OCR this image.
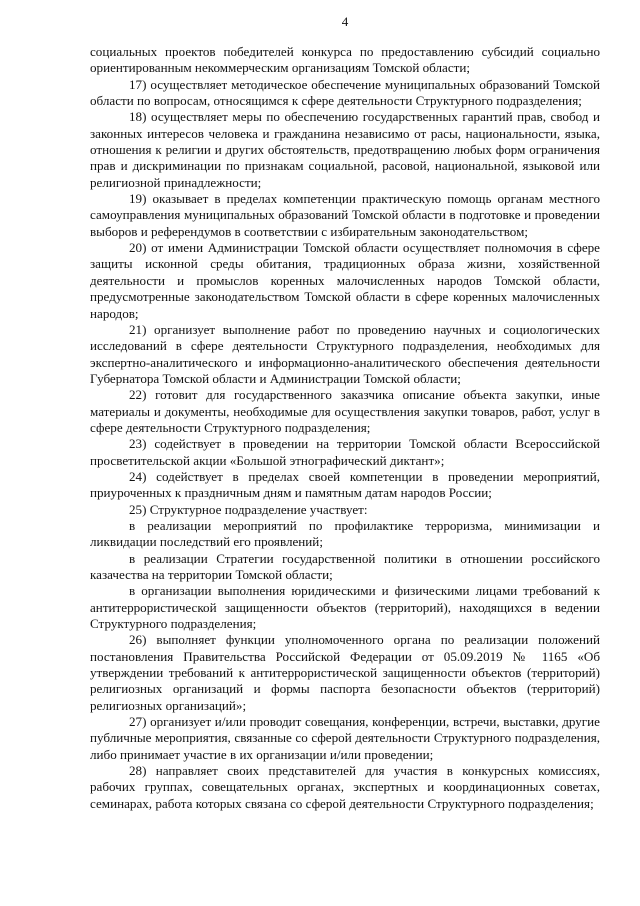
4

социальных проектов победителей конкурса по предоставлению субсидий социально ориентированным некоммерческим организациям Томской области;

17) осуществляет методическое обеспечение муниципальных образований Томской области по вопросам, относящимся к сфере деятельности Структурного подразделения;

18) осуществляет меры по обеспечению государственных гарантий прав, свобод и законных интересов человека и гражданина независимо от расы, национальности, языка, отношения к религии и других обстоятельств, предотвращению любых форм ограничения прав и дискриминации по признакам социальной, расовой, национальной, языковой или религиозной принадлежности;

19) оказывает в пределах компетенции практическую помощь органам местного самоуправления муниципальных образований Томской области в подготовке и проведении выборов и референдумов в соответствии с избирательным законодательством;

20) от имени Администрации Томской области осуществляет полномочия в сфере защиты исконной среды обитания, традиционных образа жизни, хозяйственной деятельности и промыслов коренных малочисленных народов Томской области, предусмотренные законодательством Томской области в сфере коренных малочисленных народов;

21) организует выполнение работ по проведению научных и социологических исследований в сфере деятельности Структурного подразделения, необходимых для экспертно-аналитического и информационно-аналитического обеспечения деятельности Губернатора Томской области и Администрации Томской области;

22) готовит для государственного заказчика описание объекта закупки, иные материалы и документы, необходимые для осуществления закупки товаров, работ, услуг в сфере деятельности Структурного подразделения;

23) содействует в проведении на территории Томской области Всероссийской просветительской акции «Большой этнографический диктант»;

24) содействует в пределах своей компетенции в проведении мероприятий, приуроченных к праздничным дням и памятным датам народов России;

25) Структурное подразделение участвует:

в реализации мероприятий по профилактике терроризма, минимизации и ликвидации последствий его проявлений;

в реализации Стратегии государственной политики в отношении российского казачества на территории Томской области;

в организации выполнения юридическими и физическими лицами требований к антитеррористической защищенности объектов (территорий), находящихся в ведении Структурного подразделения;

26) выполняет функции уполномоченного органа по реализации положений постановления Правительства Российской Федерации от 05.09.2019 № 1165 «Об утверждении требований к антитеррористической защищенности объектов (территорий) религиозных организаций и формы паспорта безопасности объектов (территорий) религиозных организаций»;

27) организует и/или проводит совещания, конференции, встречи, выставки, другие публичные мероприятия, связанные со сферой деятельности Структурного подразделения, либо принимает участие в их организации и/или проведении;

28) направляет своих представителей для участия в конкурсных комиссиях, рабочих группах, совещательных органах, экспертных и координационных советах, семинарах, работа которых связана со сферой деятельности Структурного подразделения;
